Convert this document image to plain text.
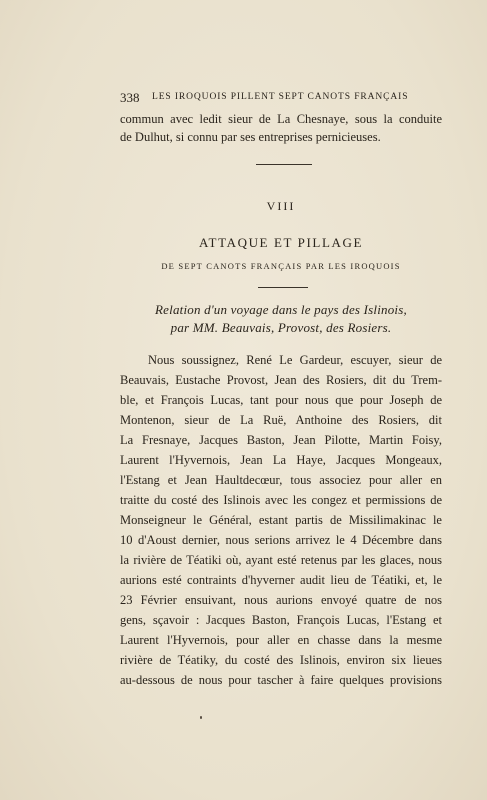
338 LES IROQUOIS PILLENT SEPT CANOTS FRANÇAIS
commun avec ledit sieur de La Chesnaye, sous la conduite
de Dulhut, si connu par ses entreprises pernicieuses.
VIII
ATTAQUE ET PILLAGE
DE SEPT CANOTS FRANÇAIS PAR LES IROQUOIS
Relation d'un voyage dans le pays des Islinois,
par MM. Beauvais, Provost, des Rosiers.
Nous soussignez, René Le Gardeur, escuyer, sieur de
Beauvais, Eustache Provost, Jean des Rosiers, dit du Trem-
ble, et François Lucas, tant pour nous que pour Joseph de
Montenon, sieur de La Ruë, Anthoine des Rosiers, dit
La Fresnaye, Jacques Baston, Jean Pilotte, Martin Foisy,
Laurent l'Hyvernois, Jean La Haye, Jacques Mongeaux,
l'Estang et Jean Haultdecœur, tous associez pour aller en
traitte du costé des Islinois avec les congez et permissions de
Monseigneur le Général, estant partis de Missilimakinac le
10 d'Aoust dernier, nous serions arrivez le 4 Décembre dans
la rivière de Téatiki où, ayant esté retenus par les glaces, nous
aurions esté contraints d'hyverner audit lieu de Téatiki, et, le
23 Février ensuivant, nous aurions envoyé quatre de nos
gens, sçavoir : Jacques Baston, François Lucas, l'Estang et
Laurent l'Hyvernois, pour aller en chasse dans la mesme
rivière de Téatiky, du costé des Islinois, environ six lieues
au-dessous de nous pour tascher à faire quelques provisions
